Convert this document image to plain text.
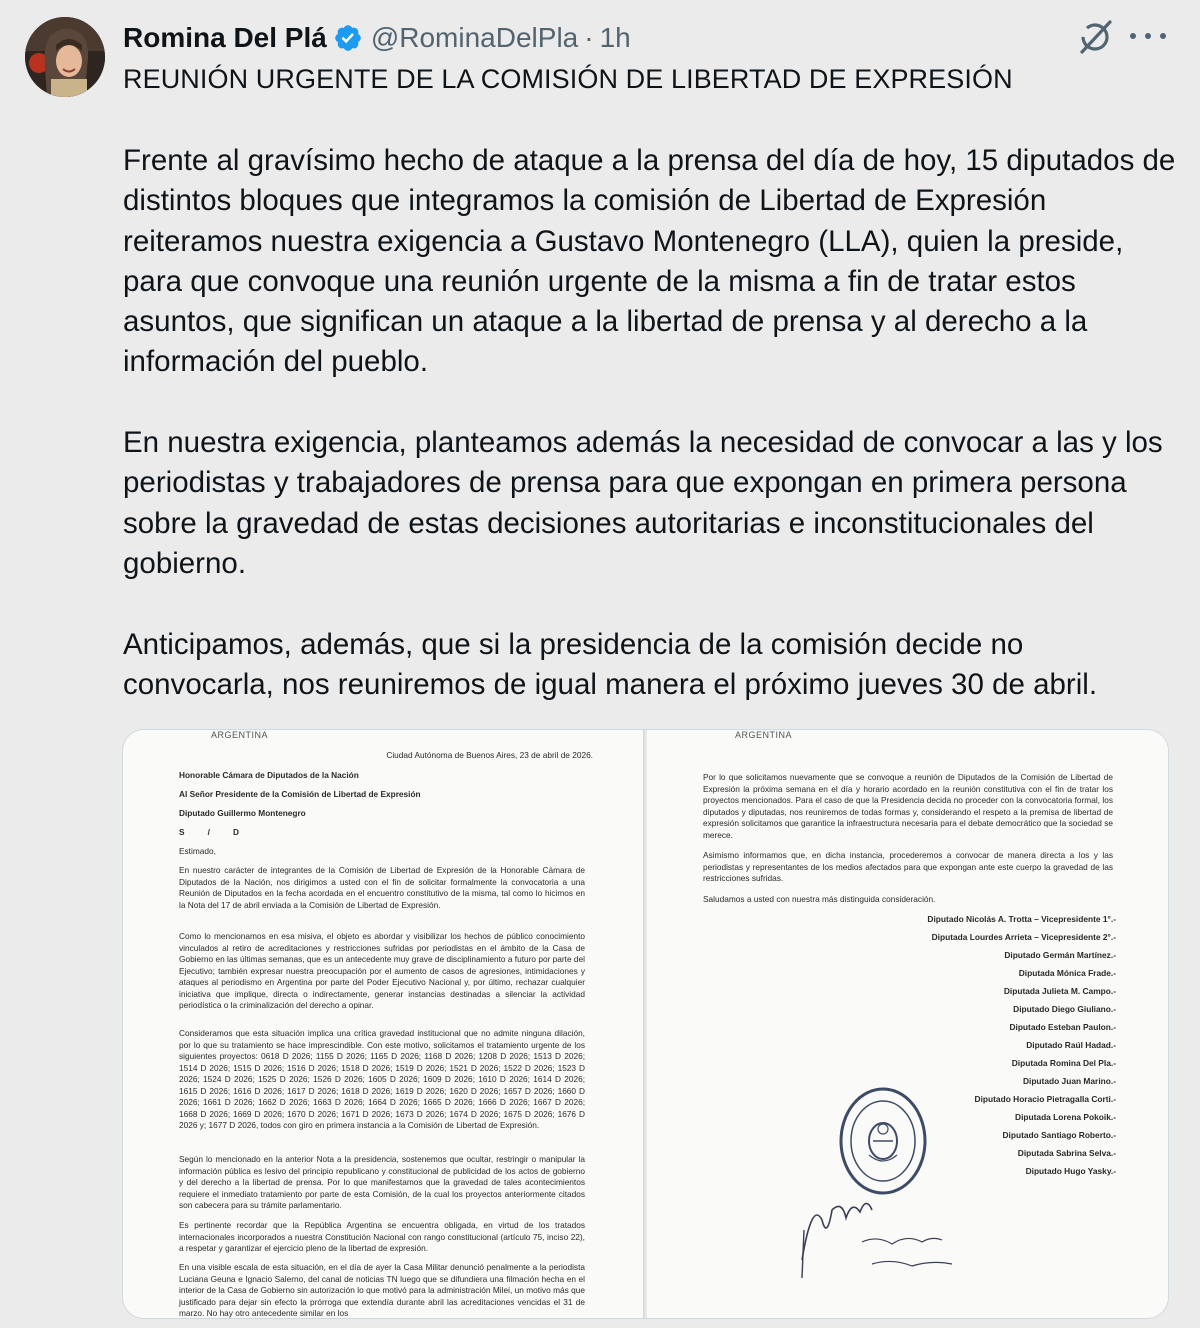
Romina Del Plá @RominaDelPla · 1h
REUNIÓN URGENTE DE LA COMISIÓN DE LIBERTAD DE EXPRESIÓN
Frente al gravísimo hecho de ataque a la prensa del día de hoy, 15 diputados de distintos bloques que integramos la comisión de Libertad de Expresión reiteramos nuestra exigencia a Gustavo Montenegro (LLA), quien la preside, para que convoque una reunión urgente de la misma a fin de tratar estos asuntos, que significan un ataque a la libertad de prensa y al derecho a la información del pueblo.
En nuestra exigencia, planteamos además la necesidad de convocar a las y los periodistas y trabajadores de prensa para que expongan en primera persona sobre la gravedad de estas decisiones autoritarias e inconstitucionales del gobierno.
Anticipamos, además, que si la presidencia de la comisión decide no convocarla, nos reuniremos de igual manera el próximo jueves 30 de abril.
ARGENTINA
Ciudad Autónoma de Buenos Aires, 23 de abril de 2026.
Honorable Cámara de Diputados de la Nación
Al Señor Presidente de la Comisión de Libertad de Expresión
Diputado Guillermo Montenegro
S          /          D
Estimado,
En nuestro carácter de integrantes de la Comisión de Libertad de Expresión de la Honorable Cámara de Diputados de la Nación, nos dirigimos a usted con el fin de solicitar formalmente la convocatoria a una Reunión de Diputados en la fecha acordada en el encuentro constitutivo de la misma, tal como lo hicimos en la Nota del 17 de abril enviada a la Comisión de Libertad de Expresión.
Como lo mencionamos en esa misiva, el objeto es abordar y visibilizar los hechos de público conocimiento vinculados al retiro de acreditaciones y restricciones sufridas por periodistas en el ámbito de la Casa de Gobierno en las últimas semanas, que es un antecedente muy grave de disciplinamiento a futuro por parte del Ejecutivo; también expresar nuestra preocupación por el aumento de casos de agresiones, intimidaciones y ataques al periodismo en Argentina por parte del Poder Ejecutivo Nacional y, por último, rechazar cualquier iniciativa que implique, directa o indirectamente, generar instancias destinadas a silenciar la actividad periodística o la criminalización del derecho a opinar.
Consideramos que esta situación implica una crítica gravedad institucional que no admite ninguna dilación, por lo que su tratamiento se hace imprescindible. Con este motivo, solicitamos el tratamiento urgente de los siguientes proyectos: 0618 D 2026; 1155 D 2026; 1165 D 2026; 1168 D 2026; 1208 D 2026; 1513 D 2026; 1514 D 2026; 1515 D 2026; 1516 D 2026; 1518 D 2026; 1519 D 2026; 1521 D 2026; 1522 D 2026; 1523 D 2026; 1524 D 2026; 1525 D 2026; 1526 D 2026; 1605 D 2026; 1609 D 2026; 1610 D 2026; 1614 D 2026; 1615 D 2026; 1616 D 2026; 1617 D 2026; 1618 D 2026; 1619 D 2026; 1620 D 2026; 1657 D 2026; 1660 D 2026; 1661 D 2026; 1662 D 2026; 1663 D 2026; 1664 D 2026; 1665 D 2026; 1666 D 2026; 1667 D 2026; 1668 D 2026; 1669 D 2026; 1670 D 2026; 1671 D 2026; 1673 D 2026; 1674 D 2026; 1675 D 2026; 1676 D 2026 y; 1677 D 2026, todos con giro en primera instancia a la Comisión de Libertad de Expresión.
Según lo mencionado en la anterior Nota a la presidencia, sostenemos que ocultar, restringir o manipular la información pública es lesivo del principio republicano y constitucional de publicidad de los actos de gobierno y del derecho a la libertad de prensa. Por lo que manifestamos que la gravedad de tales acontecimientos requiere el inmediato tratamiento por parte de esta Comisión, de la cual los proyectos anteriormente citados son cabecera para su trámite parlamentario.
Es pertinente recordar que la República Argentina se encuentra obligada, en virtud de los tratados internacionales incorporados a nuestra Constitución Nacional con rango constitucional (artículo 75, inciso 22), a respetar y garantizar el ejercicio pleno de la libertad de expresión.
En una visible escala de esta situación, en el día de ayer la Casa Militar denunció penalmente a la periodista Luciana Geuna e Ignacio Salerno, del canal de noticias TN luego que se difundiera una filmación hecha en el interior de la Casa de Gobierno sin autorización lo que motivó para la administración Milei, un motivo más que justificado para dejar sin efecto la prórroga que extendía durante abril las acreditaciones vencidas el 31 de marzo. No hay otro antecedente similar en los
ARGENTINA
Por lo que solicitamos nuevamente que se convoque a reunión de Diputados de la Comisión de Libertad de Expresión la próxima semana en el día y horario acordado en la reunión constitutiva con el fin de tratar los proyectos mencionados. Para el caso de que la Presidencia decida no proceder con la convocatoria formal, los diputados y diputadas, nos reuniremos de todas formas y, considerando el respeto a la premisa de libertad de expresión solicitamos que garantice la infraestructura necesaria para el debate democrático que la sociedad se merece.
Asimismo informamos que, en dicha instancia, procederemos a convocar de manera directa a los y las periodistas y representantes de los medios afectados para que expongan ante este cuerpo la gravedad de las restricciones sufridas.
Saludamos a usted con nuestra más distinguida consideración.
Diputado Nicolás A. Trotta – Vicepresidente 1°.-
Diputada Lourdes Arrieta – Vicepresidente 2°.-
Diputado Germán Martínez.-
Diputada Mónica Frade.-
Diputada Julieta M. Campo.-
Diputado Diego Giuliano.-
Diputado Esteban Paulon.-
Diputado Raúl Hadad.-
Diputada Romina Del Pla.-
Diputado Juan Marino.-
Diputado Horacio Pietragalla Corti.-
Diputada Lorena Pokoik.-
Diputado Santiago Roberto.-
Diputada Sabrina Selva.-
Diputado Hugo Yasky.-
